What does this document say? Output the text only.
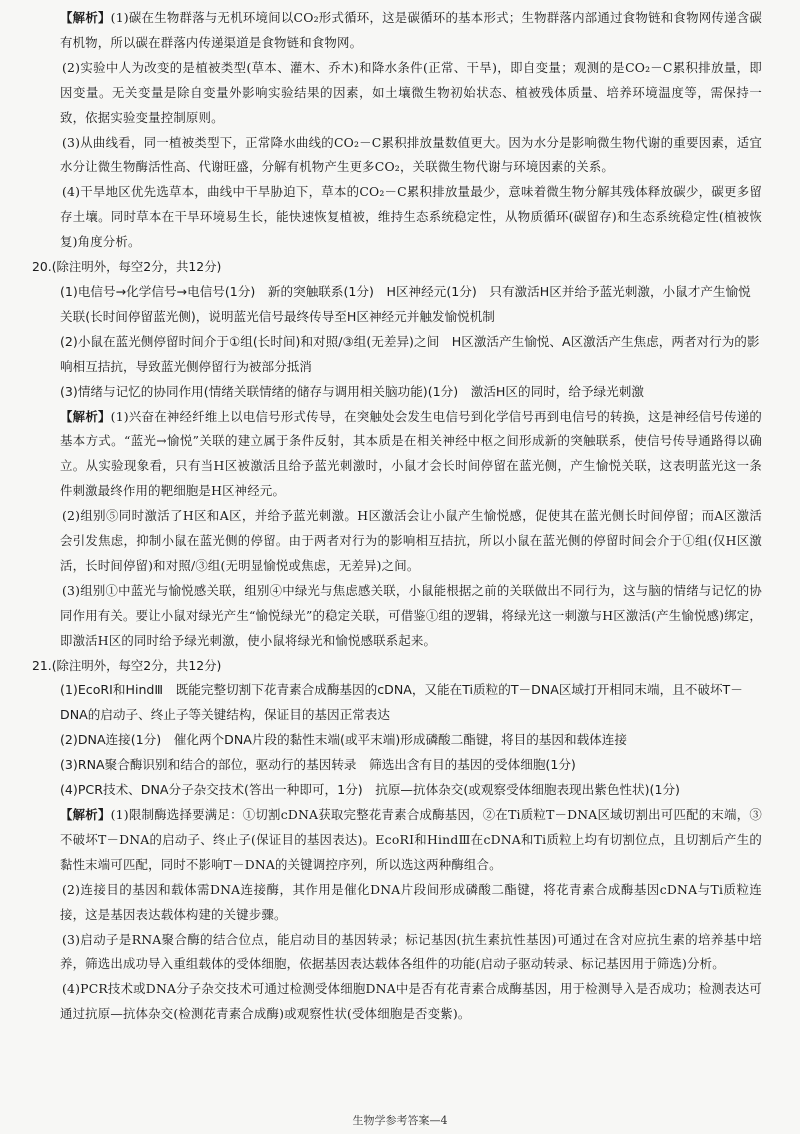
【解析】(1)碳在生物群落与无机环境间以CO₂形式循环，这是碳循环的基本形式；生物群落内部通过食物链和食物网传递含碳有机物，所以碳在群落内传递渠道是食物链和食物网。

(2)实验中人为改变的是植被类型(草本、灌木、乔木)和降水条件(正常、干旱)，即自变量；观测的是CO₂－C累积排放量，即因变量。无关变量是除自变量外影响实验结果的因素，如土壤微生物初始状态、植被残体质量、培养环境温度等，需保持一致，依据实验变量控制原则。

(3)从曲线看，同一植被类型下，正常降水曲线的CO₂－C累积排放量数值更大。因为水分是影响微生物代谢的重要因素，适宜水分让微生物酶活性高、代谢旺盛，分解有机物产生更多CO₂，关联微生物代谢与环境因素的关系。

(4)干旱地区优先选草本，曲线中干旱胁迫下，草本的CO₂－C累积排放量最少，意味着微生物分解其残体释放碳少，碳更多留存土壤。同时草本在干旱环境易生长，能快速恢复植被，维持生态系统稳定性，从物质循环(碳留存)和生态系统稳定性(植被恢复)角度分析。

20.(除注明外，每空2分，共12分)

(1)电信号→化学信号→电信号(1分)　新的突触联系(1分)　H区神经元(1分)　只有激活H区并给予蓝光刺激，小鼠才产生愉悦关联(长时间停留蓝光侧)，说明蓝光信号最终传导至H区神经元并触发愉悦机制

(2)小鼠在蓝光侧停留时间介于①组(长时间)和对照/③组(无差异)之间　H区激活产生愉悦、A区激活产生焦虑，两者对行为的影响相互拮抗，导致蓝光侧停留行为被部分抵消

(3)情绪与记忆的协同作用(情绪关联情绪的储存与调用相关脑功能)(1分)　激活H区的同时，给予绿光刺激

【解析】(1)兴奋在神经纤维上以电信号形式传导，在突触处会发生电信号到化学信号再到电信号的转换，这是神经信号传递的基本方式。“蓝光→愉悦”关联的建立属于条件反射，其本质是在相关神经中枢之间形成新的突触联系，使信号传导通路得以确立。从实验现象看，只有当H区被激活且给予蓝光刺激时，小鼠才会长时间停留在蓝光侧，产生愉悦关联，这表明蓝光这一条件刺激最终作用的靶细胞是H区神经元。

(2)组别⑤同时激活了H区和A区，并给予蓝光刺激。H区激活会让小鼠产生愉悦感，促使其在蓝光侧长时间停留；而A区激活会引发焦虑，抑制小鼠在蓝光侧的停留。由于两者对行为的影响相互拮抗，所以小鼠在蓝光侧的停留时间会介于①组(仅H区激活，长时间停留)和对照/③组(无明显愉悦或焦虑，无差异)之间。

(3)组别①中蓝光与愉悦感关联，组别④中绿光与焦虑感关联，小鼠能根据之前的关联做出不同行为，这与脑的情绪与记忆的协同作用有关。要让小鼠对绿光产生“愉悦绿光”的稳定关联，可借鉴①组的逻辑，将绿光这一刺激与H区激活(产生愉悦感)绑定，即激活H区的同时给予绿光刺激，使小鼠将绿光和愉悦感联系起来。

21.(除注明外，每空2分，共12分)

(1)EcoRⅠ和HindⅢ　既能完整切割下花青素合成酶基因的cDNA，又能在Ti质粒的T－DNA区域打开相同末端，且不破坏T－DNA的启动子、终止子等关键结构，保证目的基因正常表达

(2)DNA连接(1分)　催化两个DNA片段的黏性末端(或平末端)形成磷酸二酯键，将目的基因和载体连接

(3)RNA聚合酶识别和结合的部位，驱动行的基因转录　筛选出含有目的基因的受体细胞(1分)

(4)PCR技术、DNA分子杂交技术(答出一种即可，1分)　抗原—抗体杂交(或观察受体细胞表现出紫色性状)(1分)

【解析】(1)限制酶选择要满足：①切割cDNA获取完整花青素合成酶基因，②在Ti质粒T－DNA区域切割出可匹配的末端，③不破坏T－DNA的启动子、终止子(保证目的基因表达)。EcoRⅠ和HindⅢ在cDNA和Ti质粒上均有切割位点，且切割后产生的黏性末端可匹配，同时不影响T－DNA的关键调控序列，所以选这两种酶组合。

(2)连接目的基因和载体需DNA连接酶，其作用是催化DNA片段间形成磷酸二酯键，将花青素合成酶基因cDNA与Ti质粒连接，这是基因表达载体构建的关键步骤。

(3)启动子是RNA聚合酶的结合位点，能启动目的基因转录；标记基因(抗生素抗性基因)可通过在含对应抗生素的培养基中培养，筛选出成功导入重组载体的受体细胞，依据基因表达载体各组件的功能(启动子驱动转录、标记基因用于筛选)分析。

(4)PCR技术或DNA分子杂交技术可通过检测受体细胞DNA中是否有花青素合成酶基因，用于检测导入是否成功；检测表达可通过抗原—抗体杂交(检测花青素合成酶)或观察性状(受体细胞是否变紫)。

生物学参考答案—4
